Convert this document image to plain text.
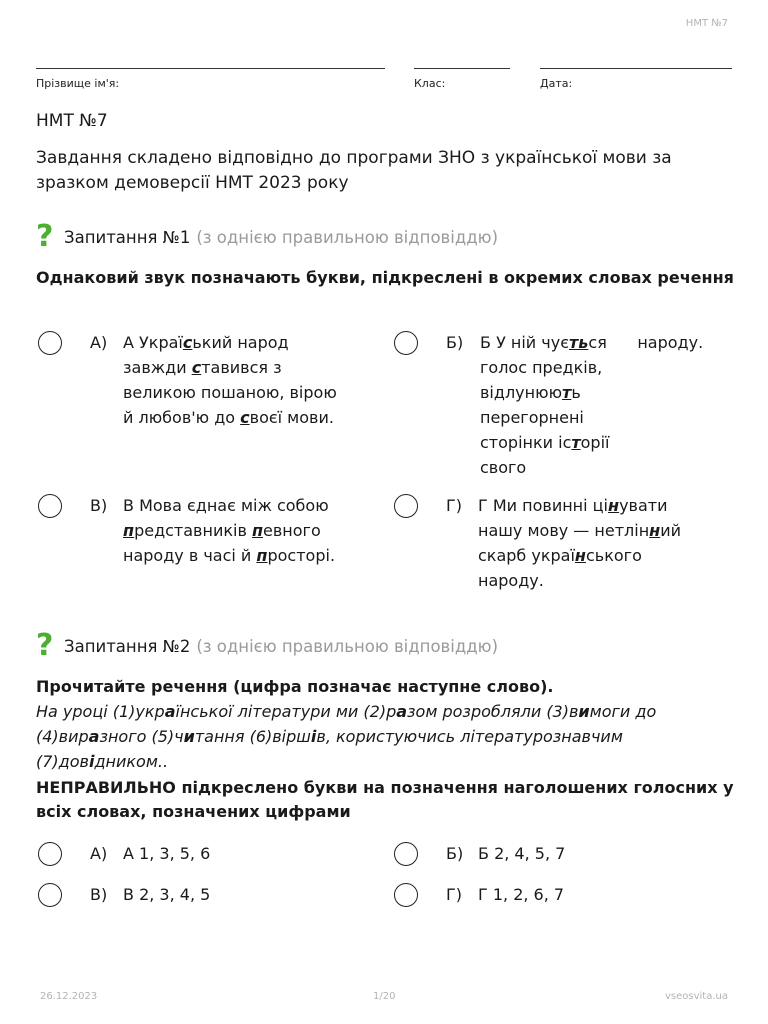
НМТ №7
Прізвище ім'я:	Клас:	Дата:
НМТ №7
Завдання складено відповідно до програми ЗНО з української мови за зразком демоверсії НМТ 2023 року
? Запитання №1 (з однією правильною відповіддю)
Однаковий звук позначають букви, підкреслені в окремих словах речення
А) А Україський народ
завжди ставився з
великою пошаною, вірою
й любов'ю до своєї мови.
Б) Б У ній чується      народу.
голос предків,
відлунюють
перегорнені
сторінки історії
свого
В) В Мова єднає між собою
представників певного
народу в часі й просторі.
Г) Г Ми повинні цінувати
нашу мову — нетлінний
скарб українського
народу.
? Запитання №2 (з однією правильною відповіддю)
Прочитайте речення (цифра позначає наступне слово).
На уроці (1)української літератури ми (2)разом розробляли (3)вимоги до
(4)виразного (5)читання (6)віршів, користуючись літературознавчим
(7)довідником..
НЕПРАВИЛЬНО підкреслено букви на позначення наголошених голосних у всіх словах, позначених цифрами
А) А 1, 3, 5, 6	Б) Б 2, 4, 5, 7
В) В 2, 3, 4, 5	Г) Г 1, 2, 6, 7
26.12.2023	1/20	vseosvita.ua
